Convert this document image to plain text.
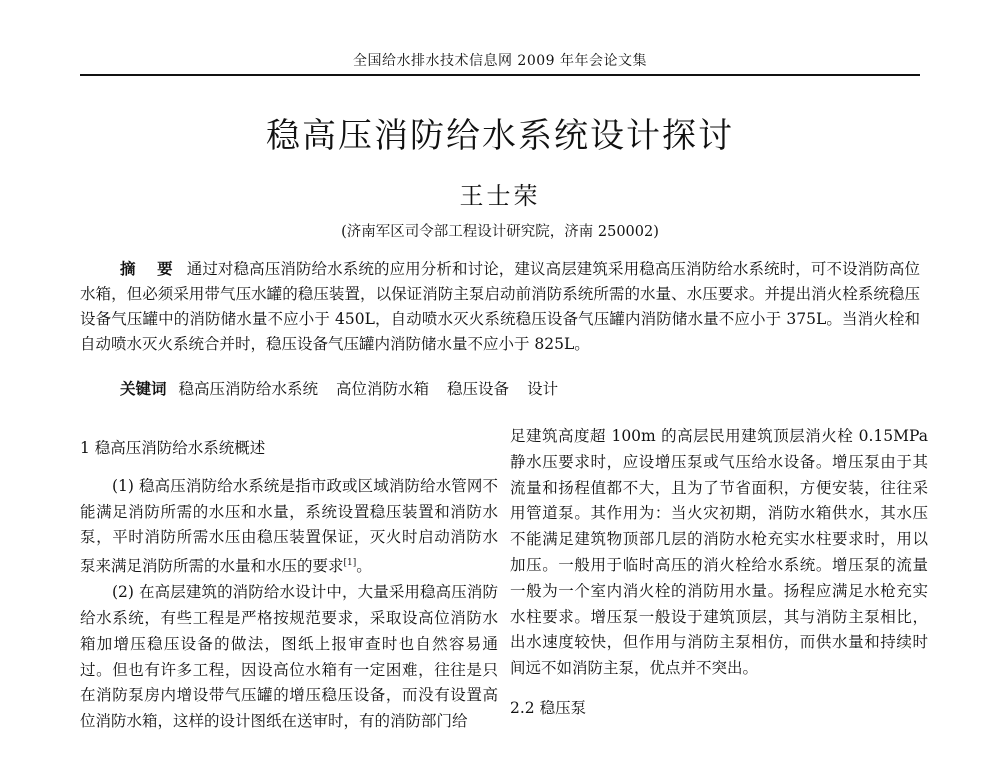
全国给水排水技术信息网 2009 年年会论文集
稳高压消防给水系统设计探讨
王士荣
(济南军区司令部工程设计研究院，济南 250002)

摘 要 通过对稳高压消防给水系统的应用分析和讨论，建议高层建筑采用稳高压消防给水系统时，可不设消防高位水箱，但必须采用带气压水罐的稳压装置，以保证消防主泵启动前消防系统所需的水量、水压要求。并提出消火栓系统稳压设备气压罐中的消防储水量不应小于 450L，自动喷水灭火系统稳压设备气压罐内消防储水量不应小于 375L。当消火栓和自动喷水灭火系统合并时，稳压设备气压罐内消防储水量不应小于 825L。

关键词 稳高压消防给水系统 高位消防水箱 稳压设备 设计

1 稳高压消防给水系统概述

(1) 稳高压消防给水系统是指市政或区域消防给水管网不能满足消防所需的水压和水量，系统设置稳压装置和消防水泵，平时消防所需水压由稳压装置保证，灭火时启动消防水泵来满足消防所需的水量和水压的要求[1]。

(2) 在高层建筑的消防给水设计中，大量采用稳高压消防给水系统，有些工程是严格按规范要求，采取设高位消防水箱加增压稳压设备的做法，图纸上报审查时也自然容易通过。但也有许多工程，因设高位水箱有一定困难，往往是只在消防泵房内增设带气压罐的增压稳压设备，而没有设置高位消防水箱，这样的设计图纸在送审时，有的消防部门给

足建筑高度超 100m 的高层民用建筑顶层消火栓 0.15MPa 静水压要求时，应设增压泵或气压给水设备。增压泵由于其流量和扬程值都不大，且为了节省面积，方便安装，往往采用管道泵。其作用为：当火灾初期，消防水箱供水，其水压不能满足建筑物顶部几层的消防水枪充实水柱要求时，用以加压。一般用于临时高压的消火栓给水系统。增压泵的流量一般为一个室内消火栓的消防用水量。扬程应满足水枪充实水柱要求。增压泵一般设于建筑顶层，其与消防主泵相比，出水速度较快，但作用与消防主泵相仿，而供水量和持续时间远不如消防主泵，优点并不突出。

2.2 稳压泵
